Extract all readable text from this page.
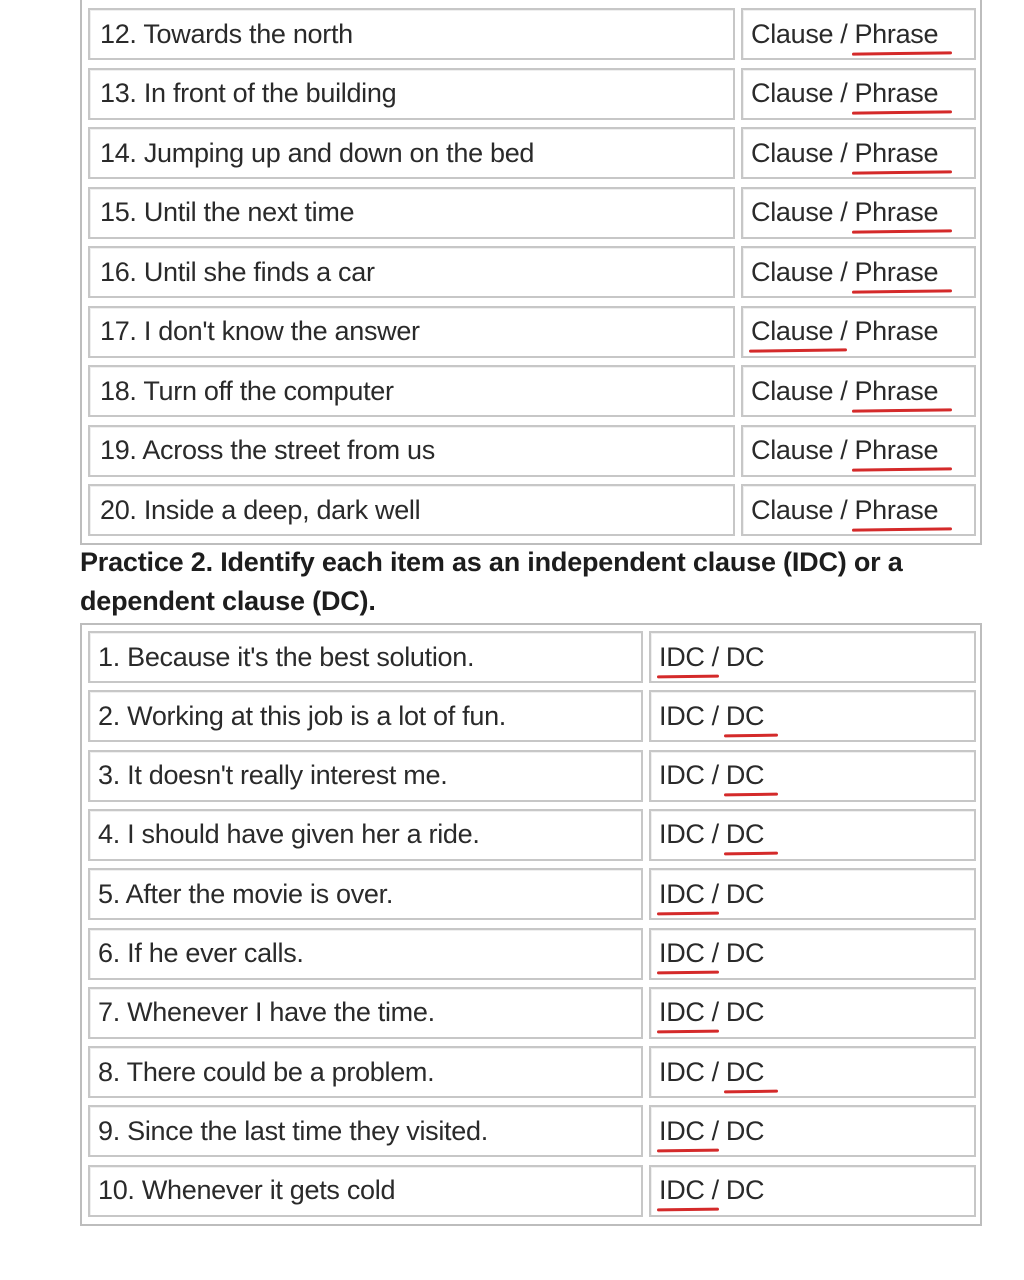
12. Towards the north	Clause / Phrase
13. In front of the building	Clause / Phrase
14. Jumping up and down on the bed	Clause / Phrase
15. Until the next time	Clause / Phrase
16. Until she finds a car	Clause / Phrase
17. I don't know the answer	Clause / Phrase
18. Turn off the computer	Clause / Phrase
19. Across the street from us	Clause / Phrase
20. Inside a deep, dark well	Clause / Phrase
Practice 2. Identify each item as an independent clause (IDC) or a dependent clause (DC).
1. Because it's the best solution.	IDC / DC
2. Working at this job is a lot of fun.	IDC / DC
3. It doesn't really interest me.	IDC / DC
4. I should have given her a ride.	IDC / DC
5. After the movie is over.	IDC / DC
6. If he ever calls.	IDC / DC
7. Whenever I have the time.	IDC / DC
8. There could be a problem.	IDC / DC
9. Since the last time they visited.	IDC / DC
10. Whenever it gets cold	IDC / DC
